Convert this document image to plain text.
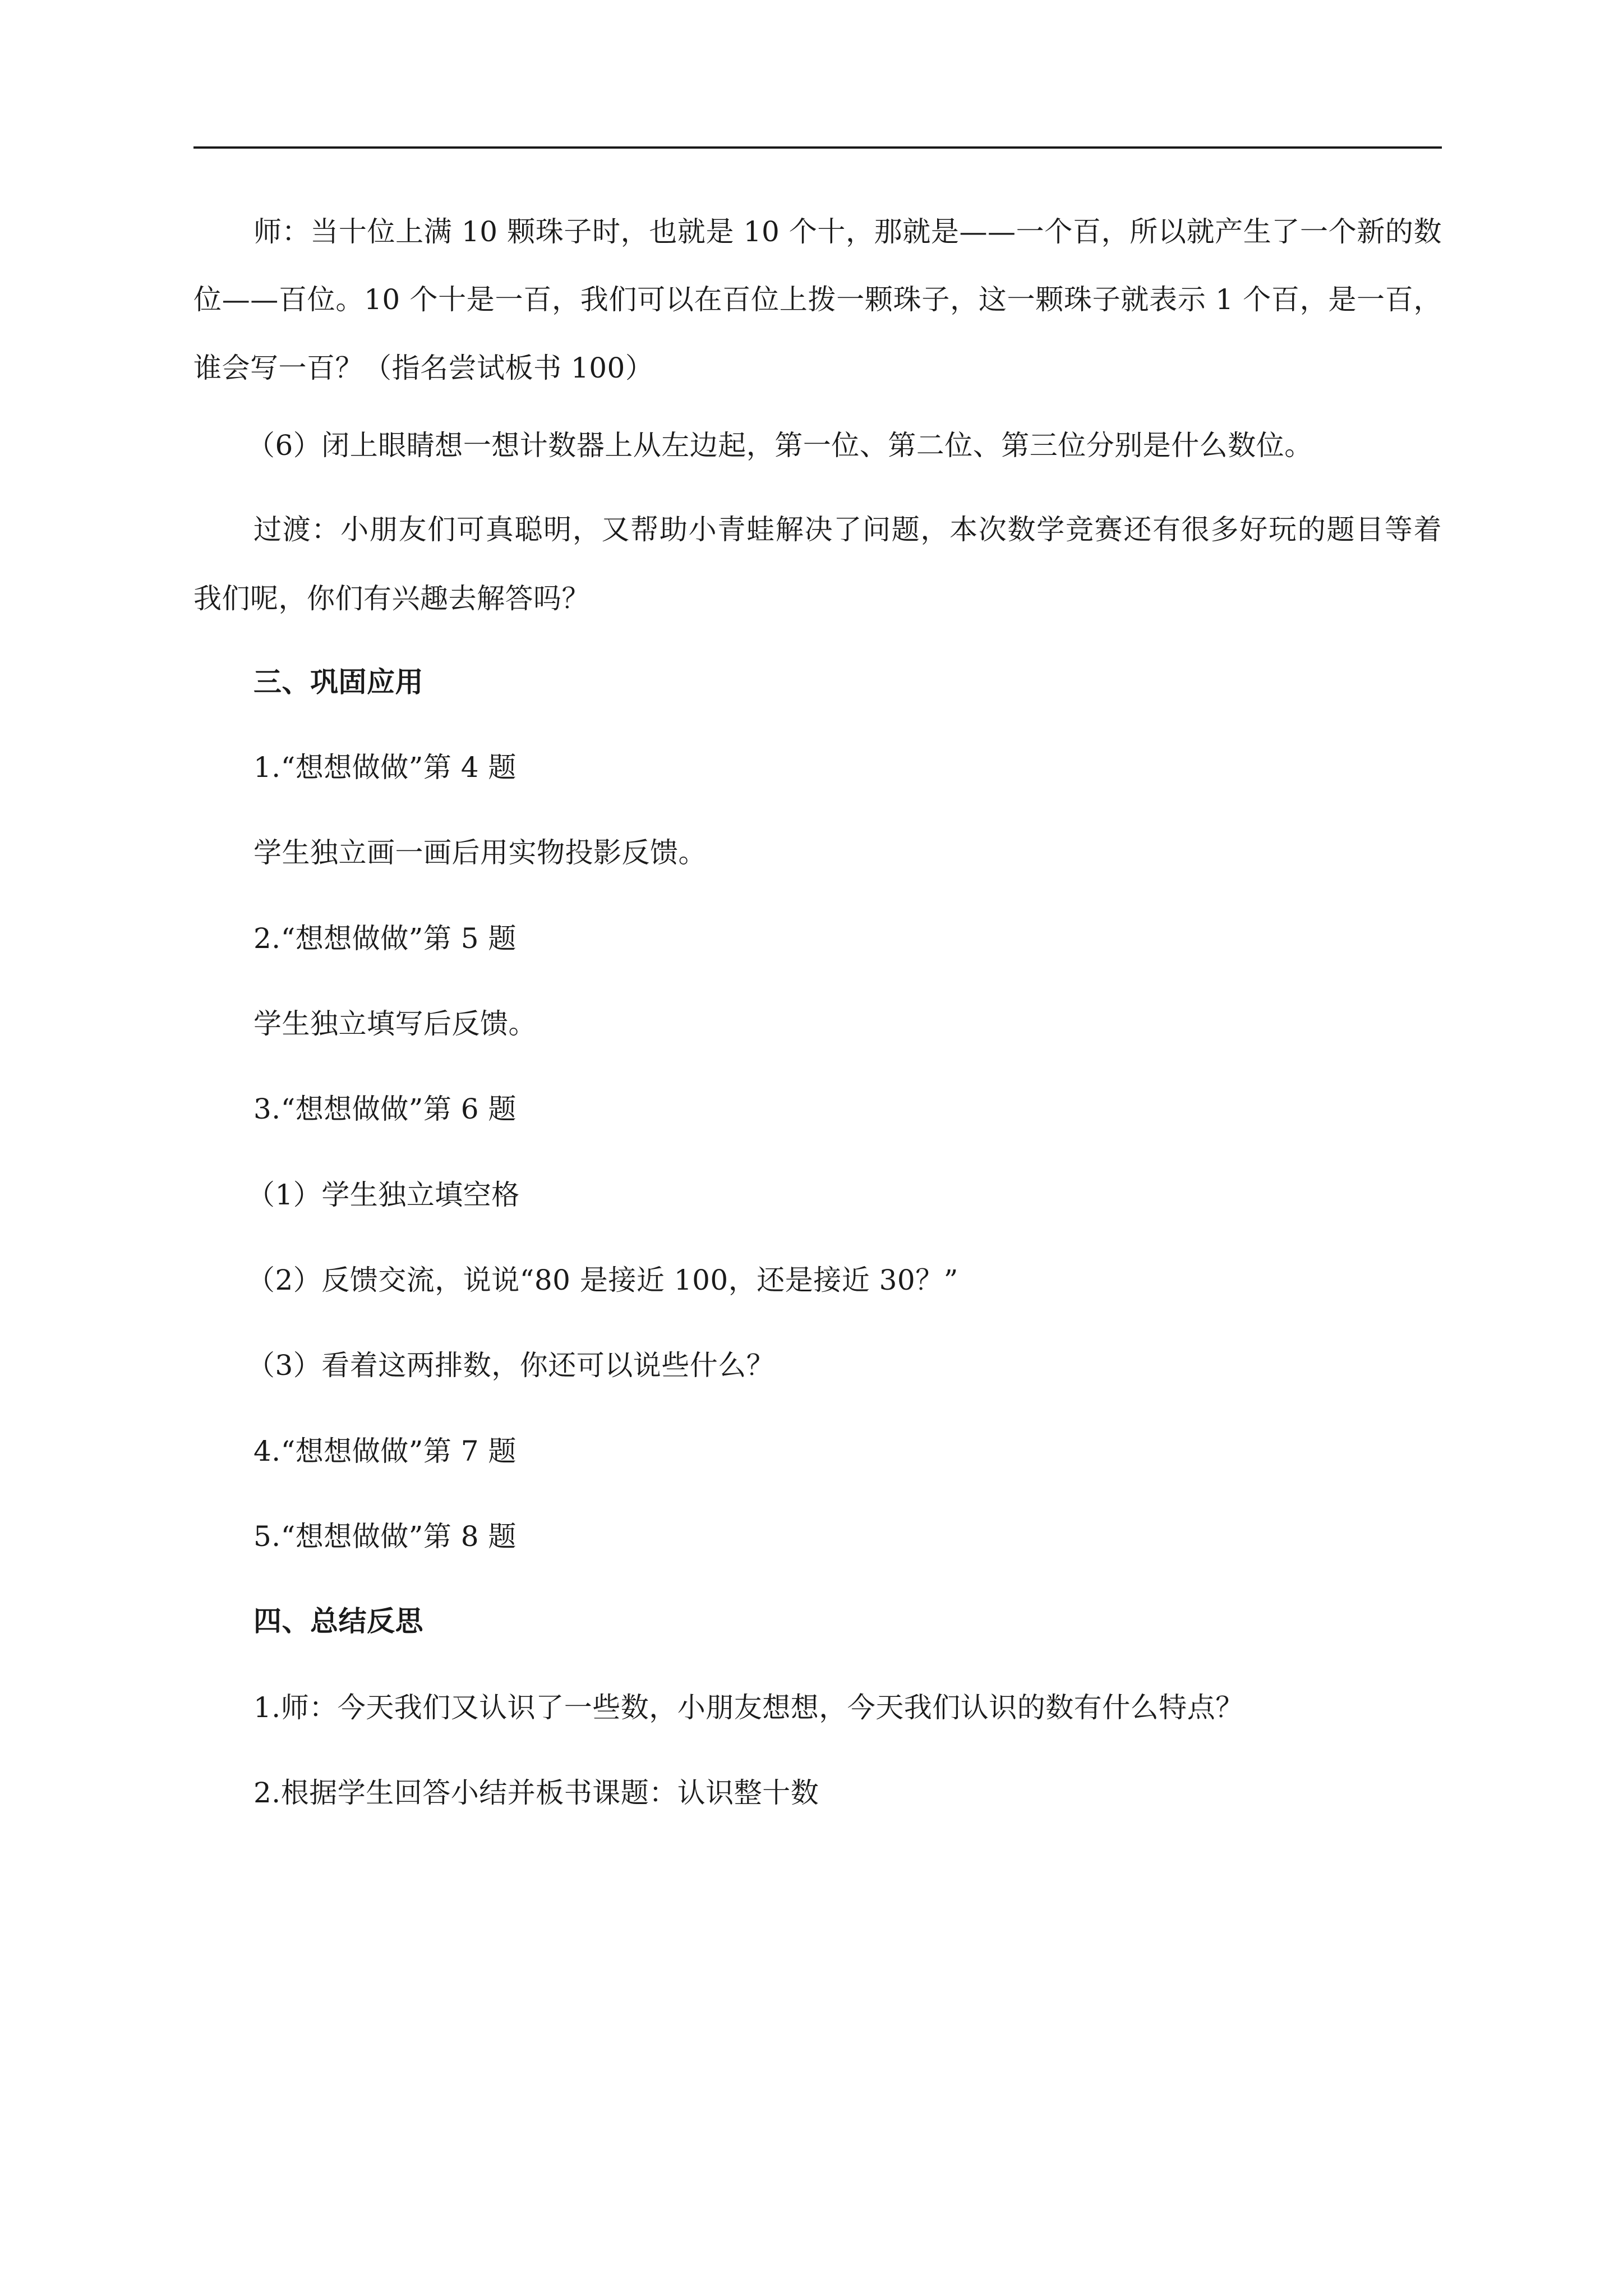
师：当十位上满 10 颗珠子时，也就是 10 个十，那就是——一个百，所以就产生了一个新的数
位——百位。10 个十是一百，我们可以在百位上拨一颗珠子，这一颗珠子就表示 1 个百，是一百，
谁会写一百？（指名尝试板书 100）
（6）闭上眼睛想一想计数器上从左边起，第一位、第二位、第三位分别是什么数位。
过渡：小朋友们可真聪明，又帮助小青蛙解决了问题，本次数学竞赛还有很多好玩的题目等着
我们呢，你们有兴趣去解答吗？
三、巩固应用
1.“想想做做”第 4 题
学生独立画一画后用实物投影反馈。
2.“想想做做”第 5 题
学生独立填写后反馈。
3.“想想做做”第 6 题
（1）学生独立填空格
（2）反馈交流，说说“80 是接近 100，还是接近 30？”
（3）看着这两排数，你还可以说些什么？
4.“想想做做”第 7 题
5.“想想做做”第 8 题
四、总结反思
1.师：今天我们又认识了一些数，小朋友想想，今天我们认识的数有什么特点？
2.根据学生回答小结并板书课题：认识整十数
